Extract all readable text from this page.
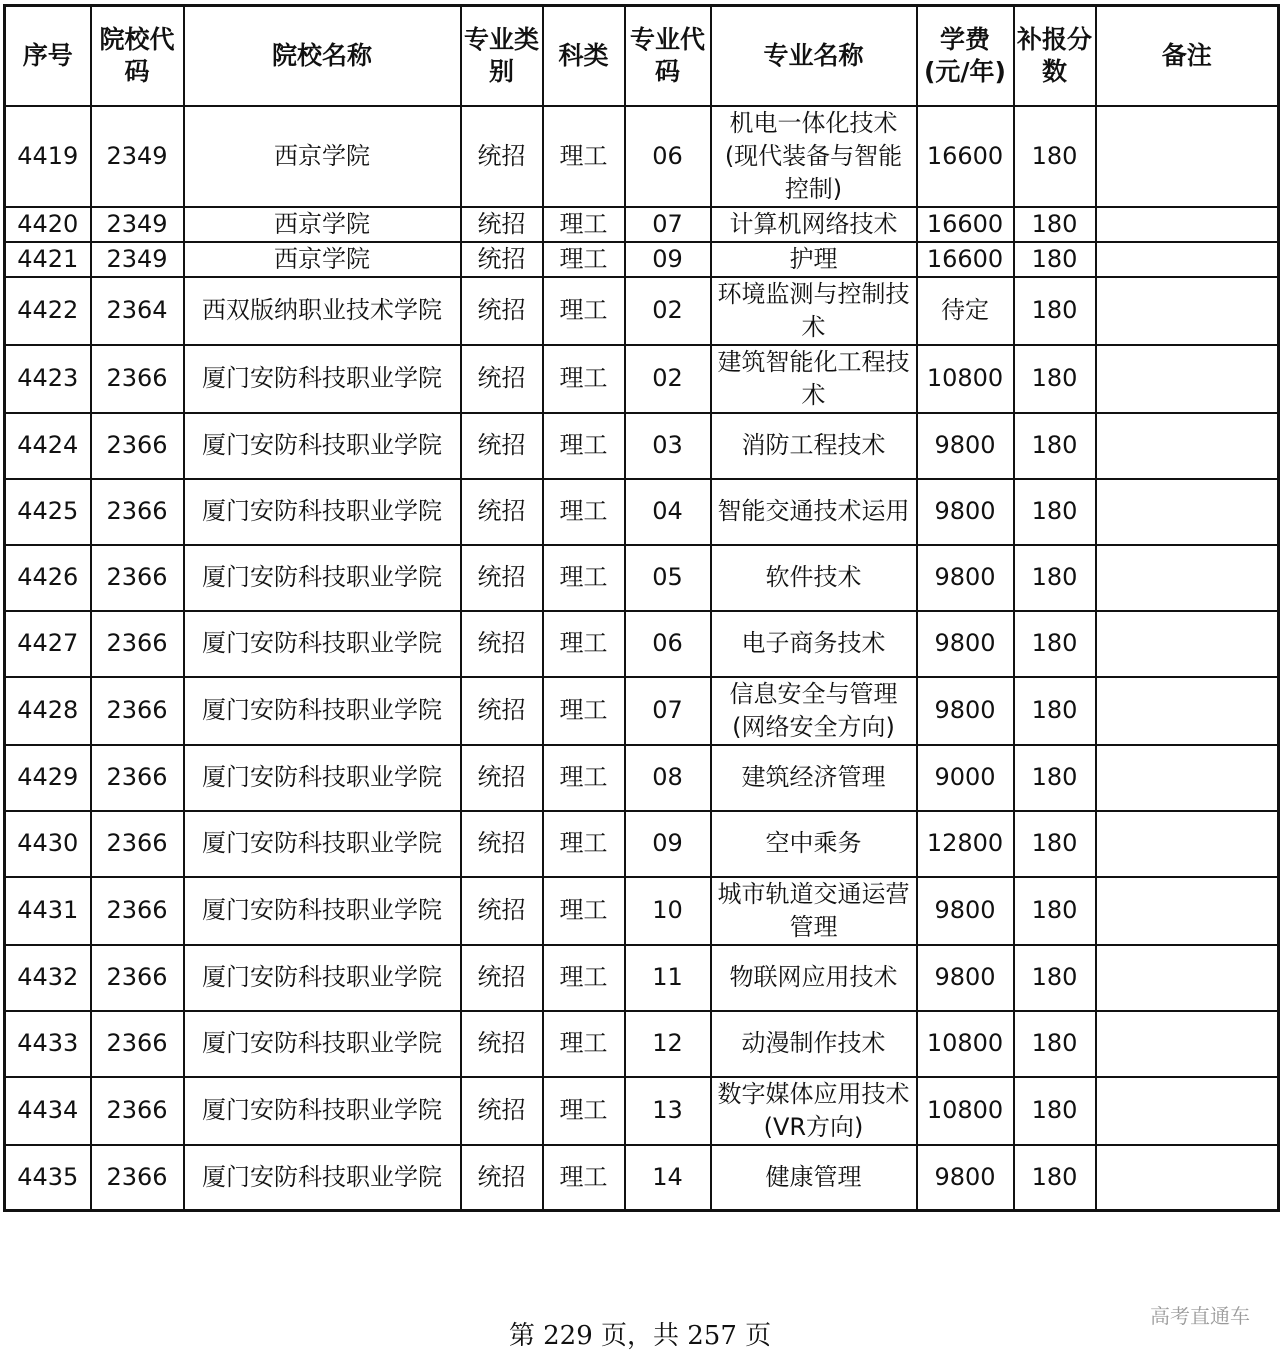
序号	院校代码	院校名称	专业类别	科类	专业代码	专业名称	学费(元/年)	补报分数	备注
4419	2349	西京学院	统招	理工	06	机电一体化技术(现代装备与智能控制)	16600	180	
4420	2349	西京学院	统招	理工	07	计算机网络技术	16600	180	
4421	2349	西京学院	统招	理工	09	护理	16600	180	
4422	2364	西双版纳职业技术学院	统招	理工	02	环境监测与控制技术	待定	180	
4423	2366	厦门安防科技职业学院	统招	理工	02	建筑智能化工程技术	10800	180	
4424	2366	厦门安防科技职业学院	统招	理工	03	消防工程技术	9800	180	
4425	2366	厦门安防科技职业学院	统招	理工	04	智能交通技术运用	9800	180	
4426	2366	厦门安防科技职业学院	统招	理工	05	软件技术	9800	180	
4427	2366	厦门安防科技职业学院	统招	理工	06	电子商务技术	9800	180	
4428	2366	厦门安防科技职业学院	统招	理工	07	信息安全与管理(网络安全方向)	9800	180	
4429	2366	厦门安防科技职业学院	统招	理工	08	建筑经济管理	9000	180	
4430	2366	厦门安防科技职业学院	统招	理工	09	空中乘务	12800	180	
4431	2366	厦门安防科技职业学院	统招	理工	10	城市轨道交通运营管理	9800	180	
4432	2366	厦门安防科技职业学院	统招	理工	11	物联网应用技术	9800	180	
4433	2366	厦门安防科技职业学院	统招	理工	12	动漫制作技术	10800	180	
4434	2366	厦门安防科技职业学院	统招	理工	13	数字媒体应用技术(VR方向)	10800	180	
4435	2366	厦门安防科技职业学院	统招	理工	14	健康管理	9800	180	
第 229 页，共 257 页
高考直通车
